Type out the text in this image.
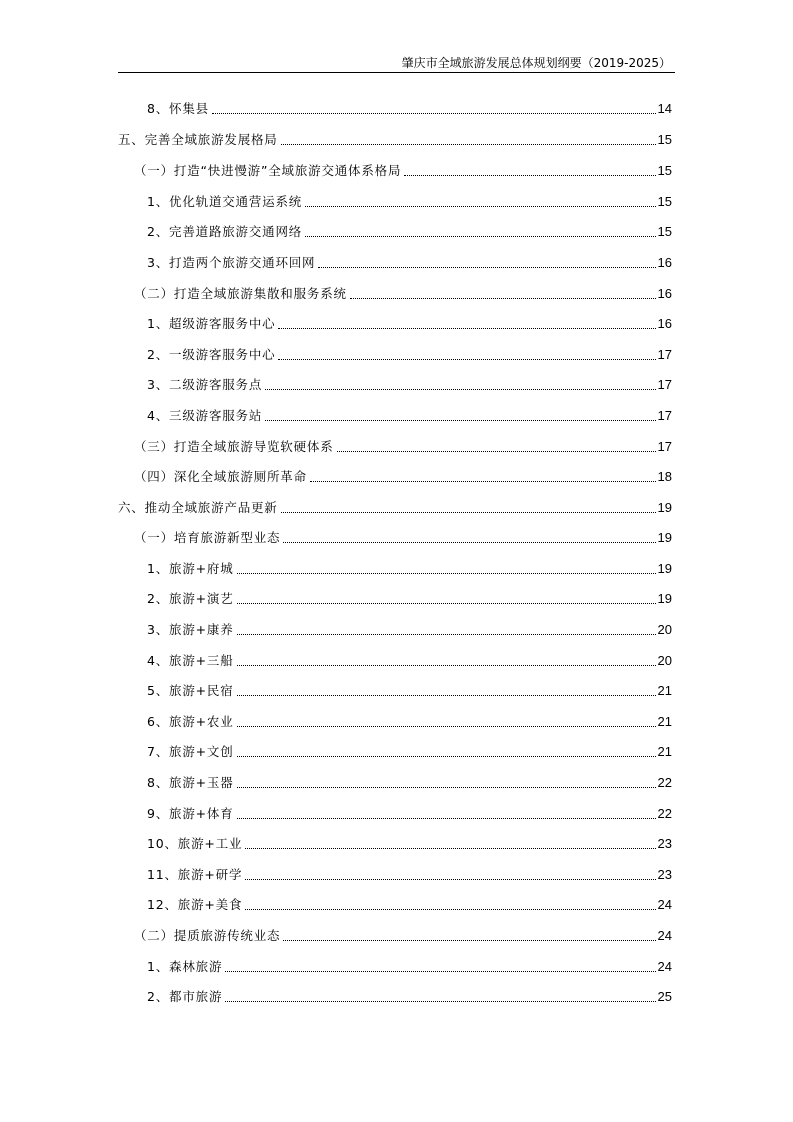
肇庆市全域旅游发展总体规划纲要（2019-2025）
8、怀集县	14
五、完善全域旅游发展格局	15
（一）打造“快进慢游”全域旅游交通体系格局	15
1、优化轨道交通营运系统	15
2、完善道路旅游交通网络	15
3、打造两个旅游交通环回网	16
（二）打造全域旅游集散和服务系统	16
1、超级游客服务中心	16
2、一级游客服务中心	17
3、二级游客服务点	17
4、三级游客服务站	17
（三）打造全域旅游导览软硬体系	17
（四）深化全域旅游厕所革命	18
六、推动全域旅游产品更新	19
（一）培育旅游新型业态	19
1、旅游+府城	19
2、旅游+演艺	19
3、旅游+康养	20
4、旅游+三船	20
5、旅游+民宿	21
6、旅游+农业	21
7、旅游+文创	21
8、旅游+玉器	22
9、旅游+体育	22
10、旅游+工业	23
11、旅游+研学	23
12、旅游+美食	24
（二）提质旅游传统业态	24
1、森林旅游	24
2、都市旅游	25
